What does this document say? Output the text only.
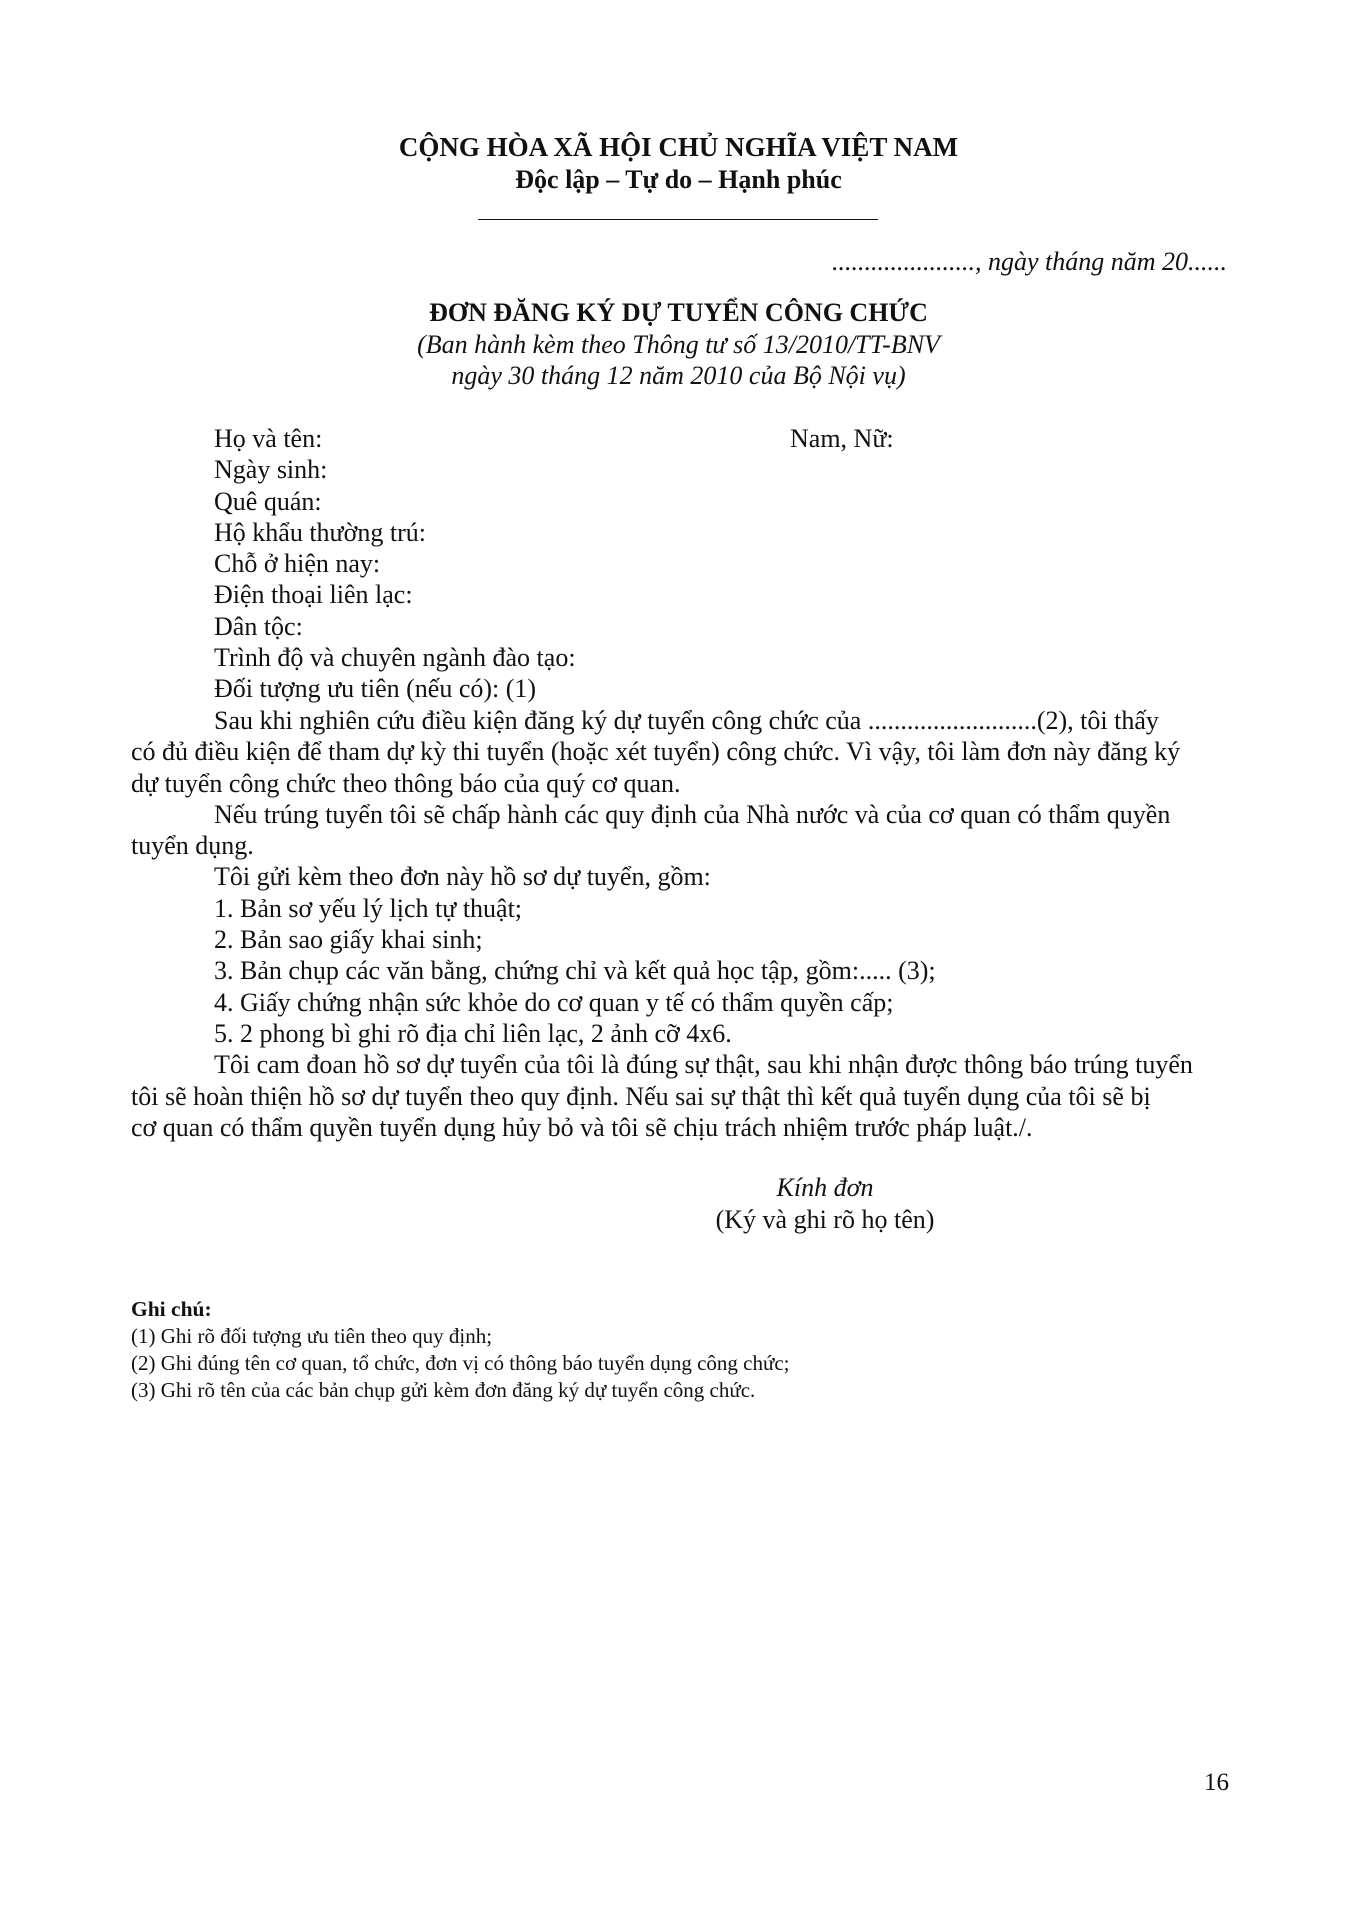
CỘNG HÒA XÃ HỘI CHỦ NGHĨA VIỆT NAM
Độc lập – Tự do – Hạnh phúc
......................, ngày tháng năm 20......
ĐƠN ĐĂNG KÝ DỰ TUYỂN CÔNG CHỨC
(Ban hành kèm theo Thông tư số 13/2010/TT-BNV
ngày 30 tháng 12 năm 2010 của Bộ Nội vụ)
Họ và tên:
Ngày sinh:
Quê quán:
Hộ khẩu thường trú:
Chỗ ở hiện nay:
Điện thoại liên lạc:
Dân tộc:
Trình độ và chuyên ngành đào tạo:
Đối tượng ưu tiên (nếu có): (1)
Nam, Nữ:
Sau khi nghiên cứu điều kiện đăng ký dự tuyển công chức của ..........................(2), tôi thấy
có đủ điều kiện để tham dự kỳ thi tuyển (hoặc xét tuyển) công chức. Vì vậy, tôi làm đơn này đăng ký
dự tuyển công chức theo thông báo của quý cơ quan.
Nếu trúng tuyển tôi sẽ chấp hành các quy định của Nhà nước và của cơ quan có thẩm quyền
tuyển dụng.
Tôi gửi kèm theo đơn này hồ sơ dự tuyển, gồm:
1. Bản sơ yếu lý lịch tự thuật;
2. Bản sao giấy khai sinh;
3. Bản chụp các văn bằng, chứng chỉ và kết quả học tập, gồm:..... (3);
4. Giấy chứng nhận sức khỏe do cơ quan y tế có thẩm quyền cấp;
5. 2 phong bì ghi rõ địa chỉ liên lạc, 2 ảnh cỡ 4x6.
Tôi cam đoan hồ sơ dự tuyển của tôi là đúng sự thật, sau khi nhận được thông báo trúng tuyển
tôi sẽ hoàn thiện hồ sơ dự tuyển theo quy định. Nếu sai sự thật thì kết quả tuyển dụng của tôi sẽ bị
cơ quan có thẩm quyền tuyển dụng hủy bỏ và tôi sẽ chịu trách nhiệm trước pháp luật./.
Kính đơn
(Ký và ghi rõ họ tên)
Ghi chú:
(1) Ghi rõ đối tượng ưu tiên theo quy định;
(2) Ghi đúng tên cơ quan, tổ chức, đơn vị có thông báo tuyển dụng công chức;
(3) Ghi rõ tên của các bản chụp gửi kèm đơn đăng ký dự tuyển công chức.
16
